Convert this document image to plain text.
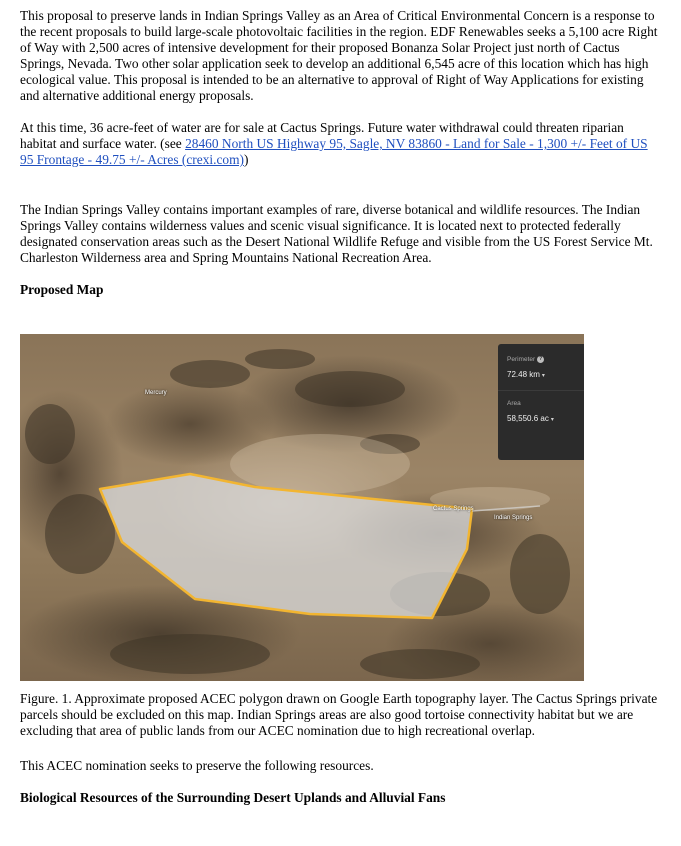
This proposal to preserve lands in Indian Springs Valley as an Area of Critical Environmental Concern is a response to the recent proposals to build large-scale photovoltaic facilities in the region. EDF Renewables seeks a 5,100 acre Right of Way with 2,500 acres of intensive development for their proposed Bonanza Solar Project just north of Cactus Springs, Nevada. Two other solar application seek to develop an additional 6,545 acre of this location which has high ecological value. This proposal is intended to be an alternative to approval of Right of Way Applications for existing and alternative additional energy proposals.

At this time, 36 acre-feet of water are for sale at Cactus Springs. Future water withdrawal could threaten riparian habitat and surface water. (see 28460 North US Highway 95, Sagle, NV 83860 - Land for Sale - 1,300 +/- Feet of US 95 Frontage - 49.75 +/- Acres (crexi.com))

The Indian Springs Valley contains important examples of rare, diverse botanical and wildlife resources. The Indian Springs Valley contains wilderness values and scenic visual significance. It is located next to protected federally designated conservation areas such as the Desert National Wildlife Refuge and visible from the US Forest Service Mt. Charleston Wilderness area and Spring Mountains National Recreation Area.

Proposed Map

Mercury
Cactus Springs
Indian Springs
Perimeter ?
72.48 km ▾
Area
58,550.6 ac ▾

Figure. 1. Approximate proposed ACEC polygon drawn on Google Earth topography layer. The Cactus Springs private parcels should be excluded on this map. Indian Springs areas are also good tortoise connectivity habitat but we are excluding that area of public lands from our ACEC nomination due to high recreational overlap.

This ACEC nomination seeks to preserve the following resources.

Biological Resources of the Surrounding Desert Uplands and Alluvial Fans
